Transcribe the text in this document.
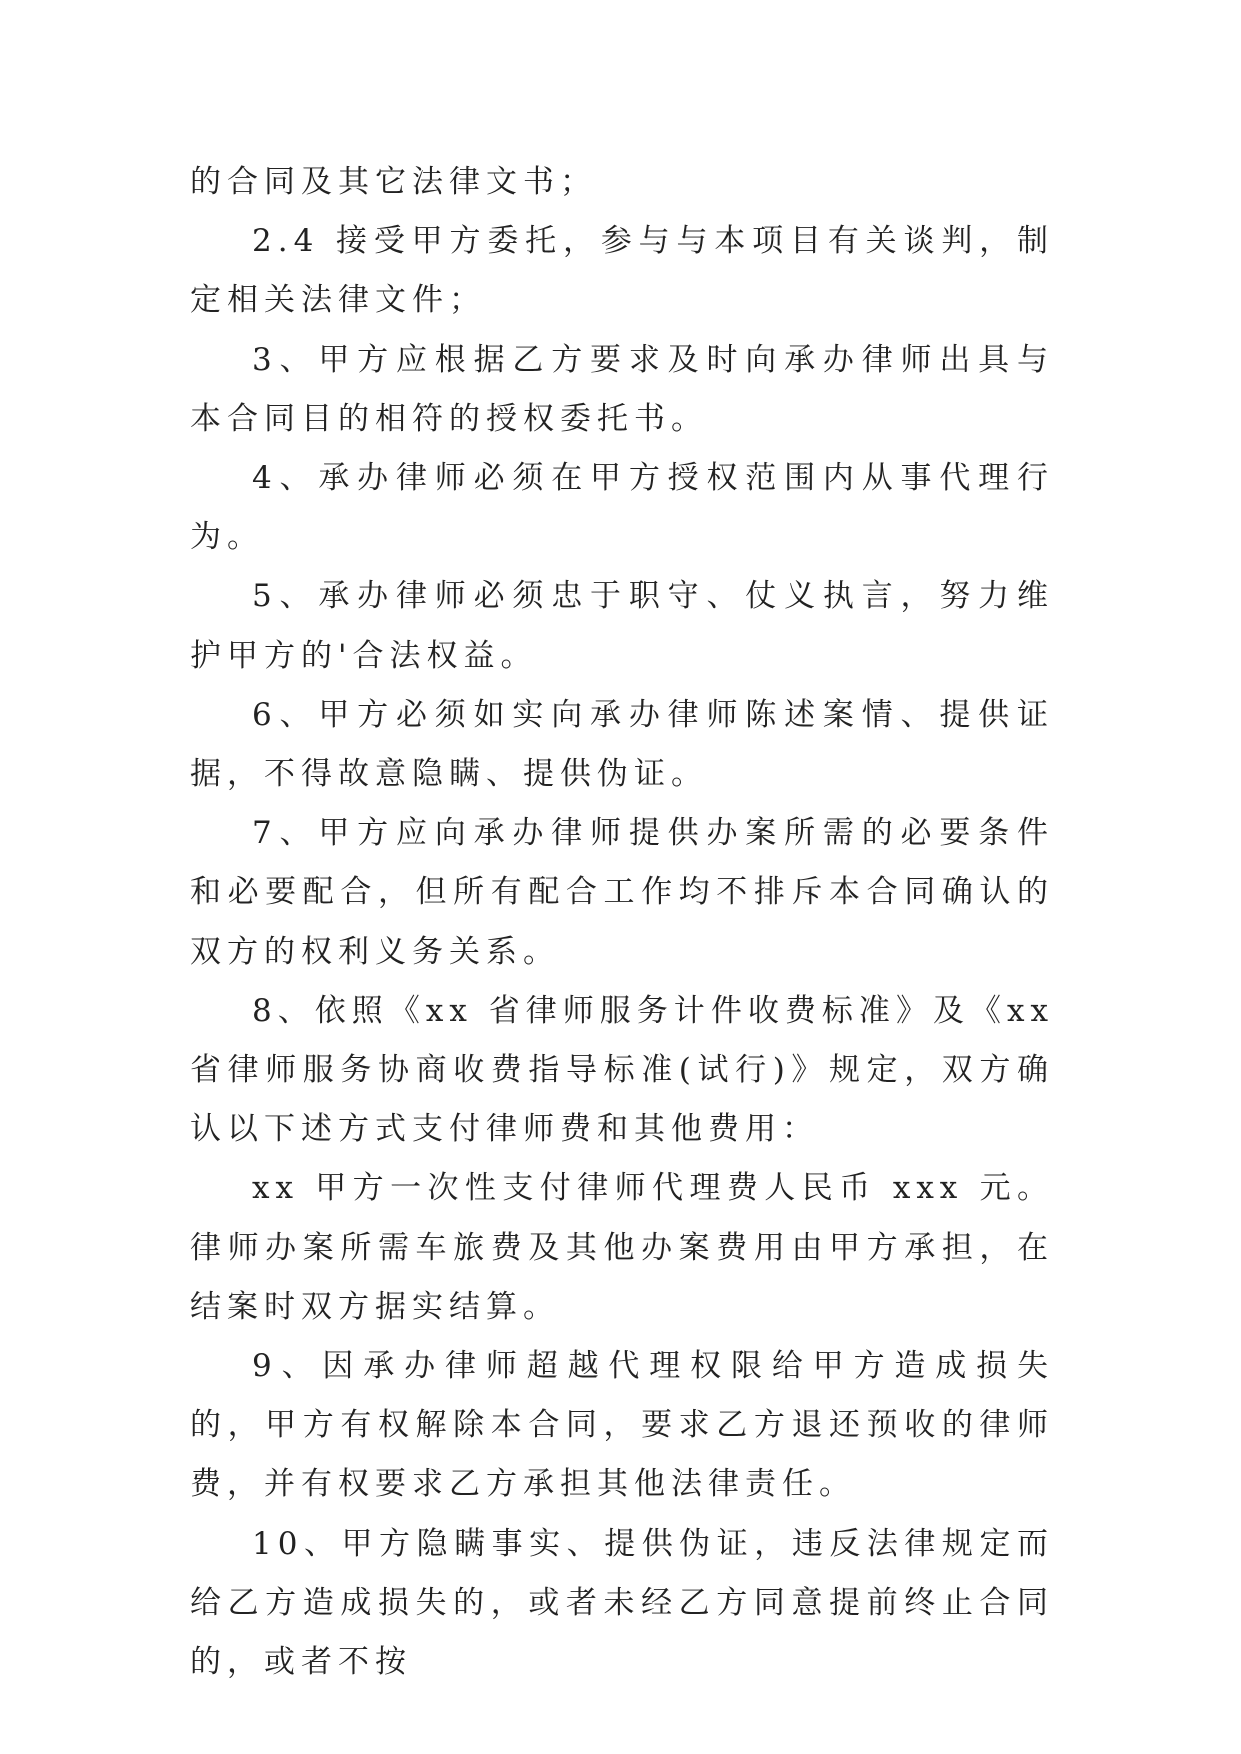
的合同及其它法律文书；

2.4 接受甲方委托，参与与本项目有关谈判，制定相关法律文件；

3、甲方应根据乙方要求及时向承办律师出具与本合同目的相符的授权委托书。

4、承办律师必须在甲方授权范围内从事代理行为。

5、承办律师必须忠于职守、仗义执言，努力维护甲方的'合法权益。

6、甲方必须如实向承办律师陈述案情、提供证据，不得故意隐瞒、提供伪证。

7、甲方应向承办律师提供办案所需的必要条件和必要配合，但所有配合工作均不排斥本合同确认的双方的权利义务关系。

8、依照《xx 省律师服务计件收费标准》及《xx 省律师服务协商收费指导标准(试行)》规定，双方确认以下述方式支付律师费和其他费用：

xx 甲方一次性支付律师代理费人民币 xxx 元。律师办案所需车旅费及其他办案费用由甲方承担，在结案时双方据实结算。

9、因承办律师超越代理权限给甲方造成损失的，甲方有权解除本合同，要求乙方退还预收的律师费，并有权要求乙方承担其他法律责任。

10、甲方隐瞒事实、提供伪证，违反法律规定而给乙方造成损失的，或者未经乙方同意提前终止合同的，或者不按
